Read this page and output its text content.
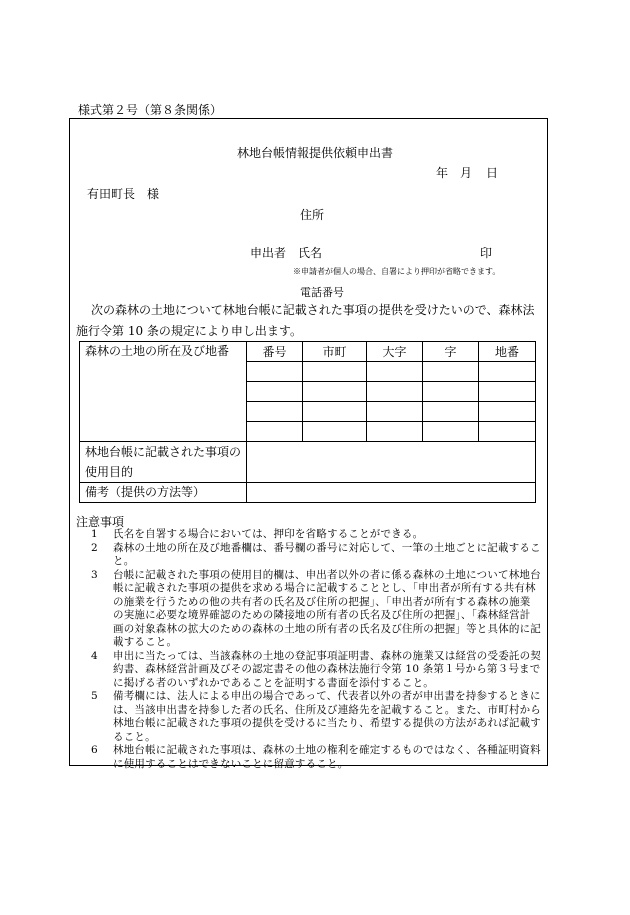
様式第２号（第８条関係）
林地台帳情報提供依頼申出書
年 月 日
有田町長　様
住所
申出者　氏名	印
※申請者が個人の場合、自署により押印が省略できます。
電話番号
次の森林の土地について林地台帳に記載された事項の提供を受けたいので、森林法施行令第 10 条の規定により申し出ます。
森林の土地の所在及び地番	番号	市町	大字	字	地番

林地台帳に記載された事項の使用目的					
備考（提供の方法等）					
注意事項
1 氏名を自署する場合においては、押印を省略することができる。
2 森林の土地の所在及び地番欄は、番号欄の番号に対応して、一筆の土地ごとに記載すること。
3 台帳に記載された事項の使用目的欄は、申出者以外の者に係る森林の土地について林地台帳に記載された事項の提供を求める場合に記載することとし、「申出者が所有する共有林の施業を行うための他の共有者の氏名及び住所の把握」、「申出者が所有する森林の施業の実施に必要な境界確認のための隣接地の所有者の氏名及び住所の把握」、「森林経営計画の対象森林の拡大のための森林の土地の所有者の氏名及び住所の把握」等と具体的に記載すること。
4 申出に当たっては、当該森林の土地の登記事項証明書、森林の施業又は経営の受委託の契約書、森林経営計画及びその認定書その他の森林法施行令第 10 条第１号から第３号までに掲げる者のいずれかであることを証明する書面を添付すること。
5 備考欄には、法人による申出の場合であって、代表者以外の者が申出書を持参するときには、当該申出書を持参した者の氏名、住所及び連絡先を記載すること。また、市町村から林地台帳に記載された事項の提供を受けるに当たり、希望する提供の方法があれば記載すること。
6 林地台帳に記載された事項は、森林の土地の権利を確定するものではなく、各種証明資料に使用することはできないことに留意すること。
